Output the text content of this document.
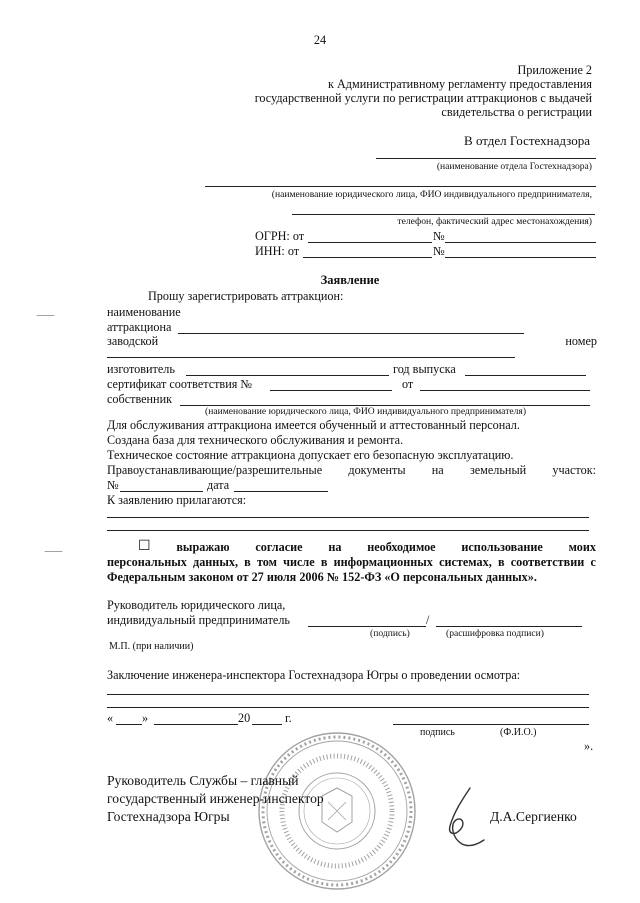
24
Приложение 2
к Административному регламенту предоставления
государственной услуги по регистрации аттракционов с выдачей
свидетельства о регистрации
В отдел Гостехнадзора
(наименование отдела Гостехнадзора)
(наименование юридического лица, ФИО индивидуального предпринимателя,
телефон, фактический адрес местонахождения)
ОГРН: от	№
ИНН: от	№
Заявление
Прошу зарегистрировать аттракцион:
наименование
аттракциона
заводской	номер
изготовитель	год выпуска
сертификат соответствия №	от
собственник
(наименование юридического лица, ФИО индивидуального предпринимателя)
Для обслуживания аттракциона имеется обученный и аттестованный персонал.
Создана база для технического обслуживания и ремонта.
Техническое состояние аттракциона допускает его безопасную эксплуатацию.
Правоустанавливающие/разрешительные документы на земельный участок:
№	дата
К заявлению прилагаются:
☐ выражаю согласие на необходимое использование моих
персональных данных, в том числе в информационных системах, в соответствии с
Федеральным законом от 27 июля 2006 № 152-ФЗ «О персональных данных».
Руководитель юридического лица,
индивидуальный предприниматель	/
(подпись)	(расшифровка подписи)
М.П. (при наличии)
Заключение инженера-инспектора Гостехнадзора Югры о проведении осмотра:
« »	20	г.
подпись	(Ф.И.О.)
».
—
—
Руководитель Службы – главный
государственный инженер-инспектор
Гостехнадзора Югры	Д.А.Сергиенко
